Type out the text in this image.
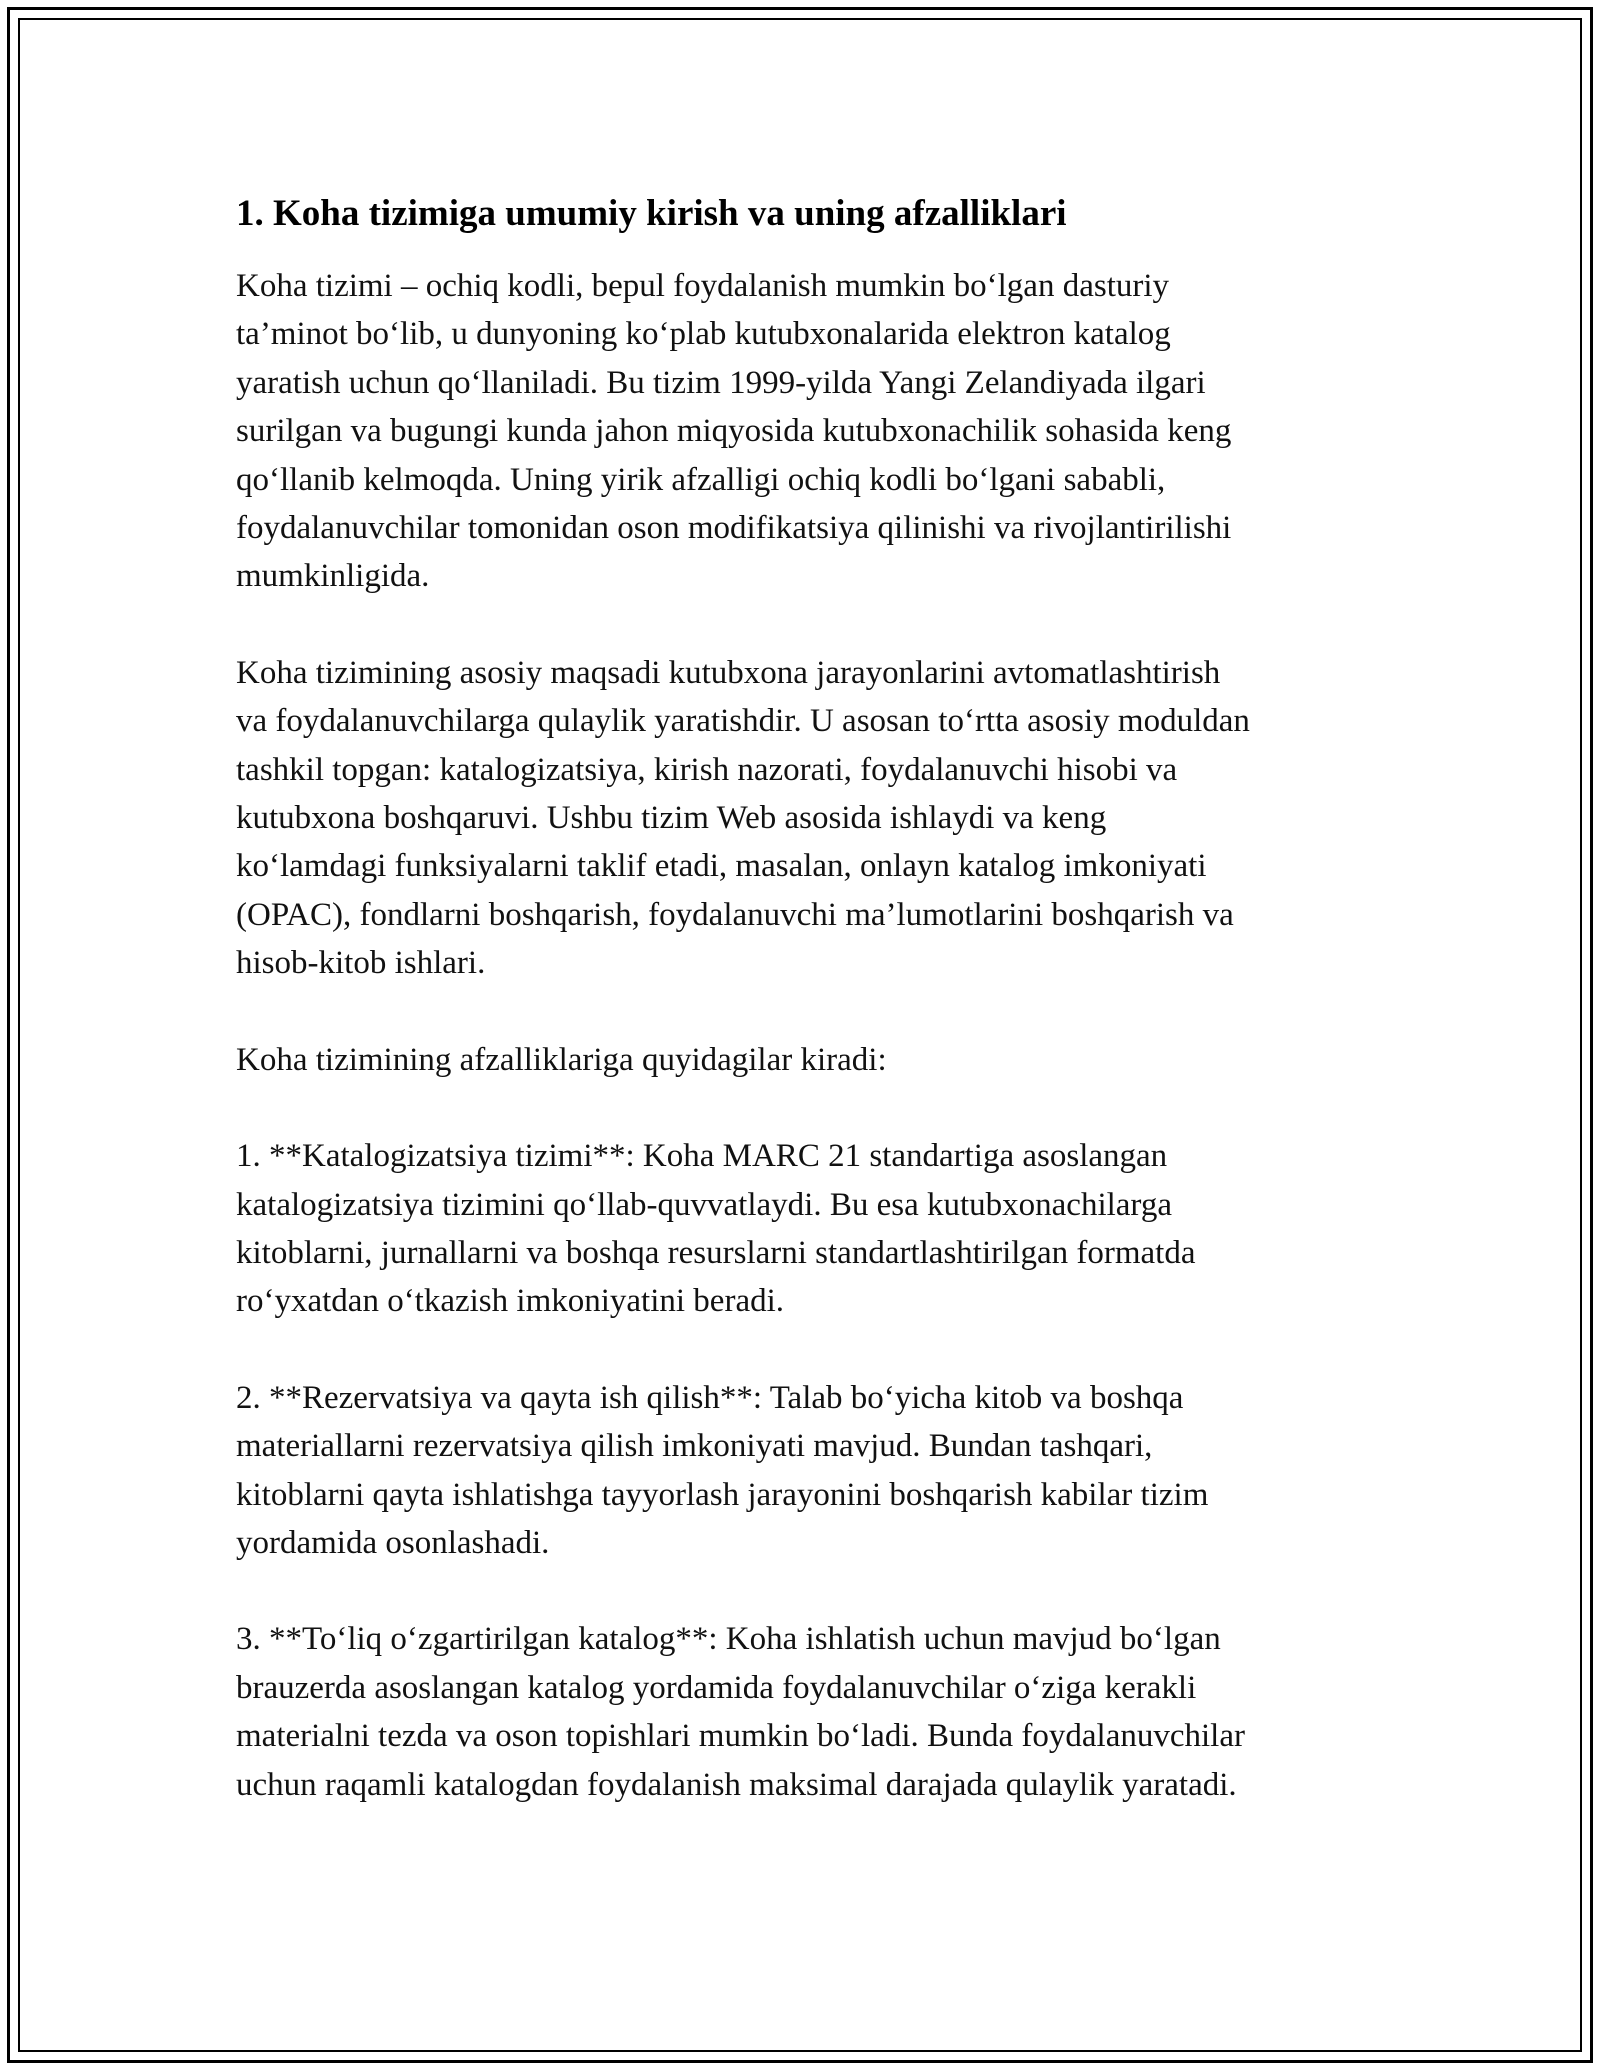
1. Koha tizimiga umumiy kirish va uning afzalliklari

Koha tizimi – ochiq kodli, bepul foydalanish mumkin bo‘lgan dasturiy
ta’minot bo‘lib, u dunyoning ko‘plab kutubxonalarida elektron katalog
yaratish uchun qo‘llaniladi. Bu tizim 1999-yilda Yangi Zelandiyada ilgari
surilgan va bugungi kunda jahon miqyosida kutubxonachilik sohasida keng
qo‘llanib kelmoqda. Uning yirik afzalligi ochiq kodli bo‘lgani sababli,
foydalanuvchilar tomonidan oson modifikatsiya qilinishi va rivojlantirilishi
mumkinligida.

Koha tizimining asosiy maqsadi kutubxona jarayonlarini avtomatlashtirish
va foydalanuvchilarga qulaylik yaratishdir. U asosan to‘rtta asosiy moduldan
tashkil topgan: katalogizatsiya, kirish nazorati, foydalanuvchi hisobi va
kutubxona boshqaruvi. Ushbu tizim Web asosida ishlaydi va keng
ko‘lamdagi funksiyalarni taklif etadi, masalan, onlayn katalog imkoniyati
(OPAC), fondlarni boshqarish, foydalanuvchi ma’lumotlarini boshqarish va
hisob-kitob ishlari.

Koha tizimining afzalliklariga quyidagilar kiradi:

1. **Katalogizatsiya tizimi**: Koha MARC 21 standartiga asoslangan
katalogizatsiya tizimini qo‘llab-quvvatlaydi. Bu esa kutubxonachilarga
kitoblarni, jurnallarni va boshqa resurslarni standartlashtirilgan formatda
ro‘yxatdan o‘tkazish imkoniyatini beradi.

2. **Rezervatsiya va qayta ish qilish**: Talab bo‘yicha kitob va boshqa
materiallarni rezervatsiya qilish imkoniyati mavjud. Bundan tashqari,
kitoblarni qayta ishlatishga tayyorlash jarayonini boshqarish kabilar tizim
yordamida osonlashadi.

3. **To‘liq o‘zgartirilgan katalog**: Koha ishlatish uchun mavjud bo‘lgan
brauzerda asoslangan katalog yordamida foydalanuvchilar o‘ziga kerakli
materialni tezda va oson topishlari mumkin bo‘ladi. Bunda foydalanuvchilar
uchun raqamli katalogdan foydalanish maksimal darajada qulaylik yaratadi.
